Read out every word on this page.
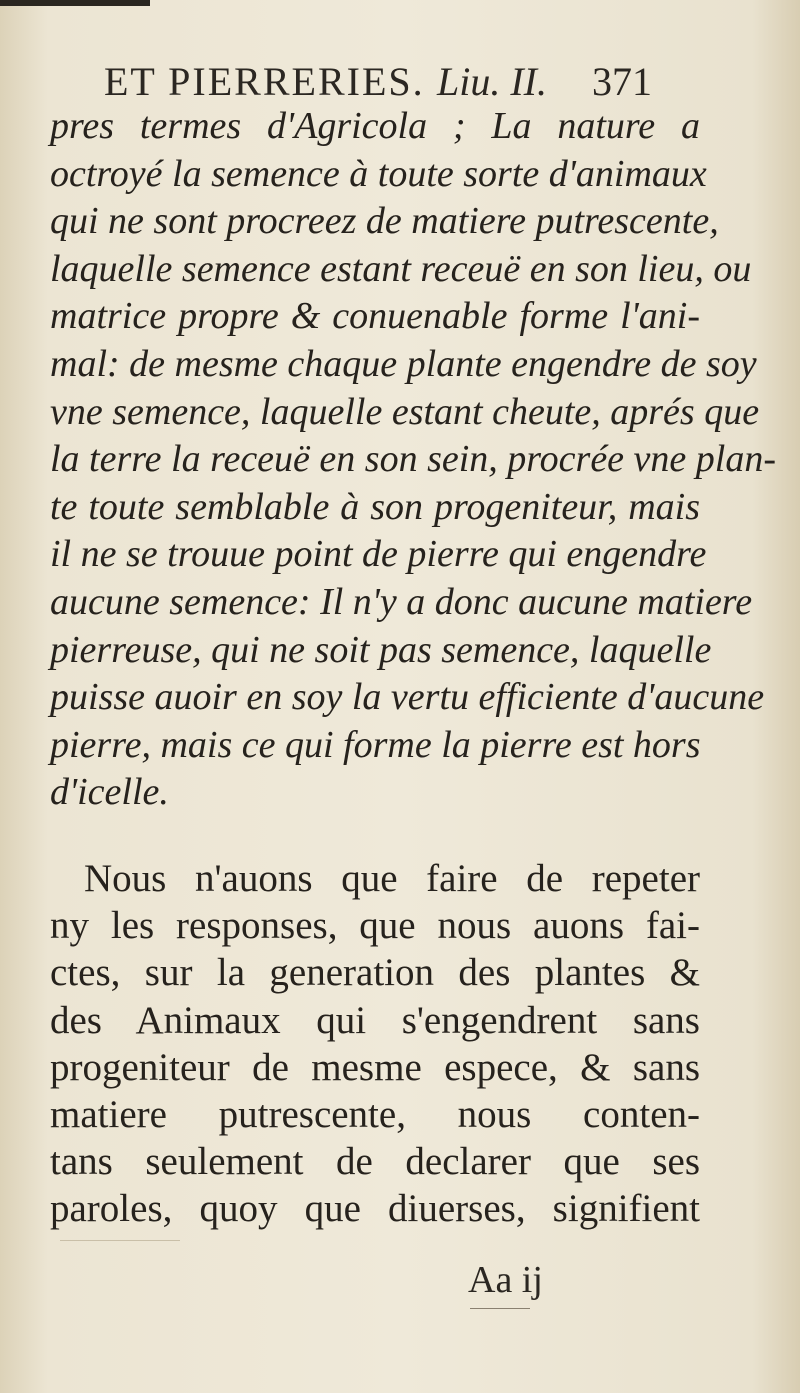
ET PIERRERIES. Liu. II. 371
pres termes d'Agricola ; La nature a
octroyé la semence à toute sorte d'animaux
qui ne sont procreez de matiere putrescente,
laquelle semence estant receuë en son lieu, ou
matrice propre & conuenable forme l'ani-
mal: de mesme chaque plante engendre de soy
vne semence, laquelle estant cheute, aprés que
la terre la receuë en son sein, procrée vne plan-
te toute semblable à son progeniteur, mais
il ne se trouue point de pierre qui engendre
aucune semence: Il n'y a donc aucune matiere
pierreuse, qui ne soit pas semence, laquelle
puisse auoir en soy la vertu efficiente d'aucune
pierre, mais ce qui forme la pierre est hors
d'icelle.
Nous n'auons que faire de repeter
ny les responses, que nous auons fai-
ctes, sur la generation des plantes &
des Animaux qui s'engendrent sans
progeniteur de mesme espece, & sans
matiere putrescente, nous conten-
tans seulement de declarer que ses
paroles, quoy que diuerses, signifient
Aa ij
